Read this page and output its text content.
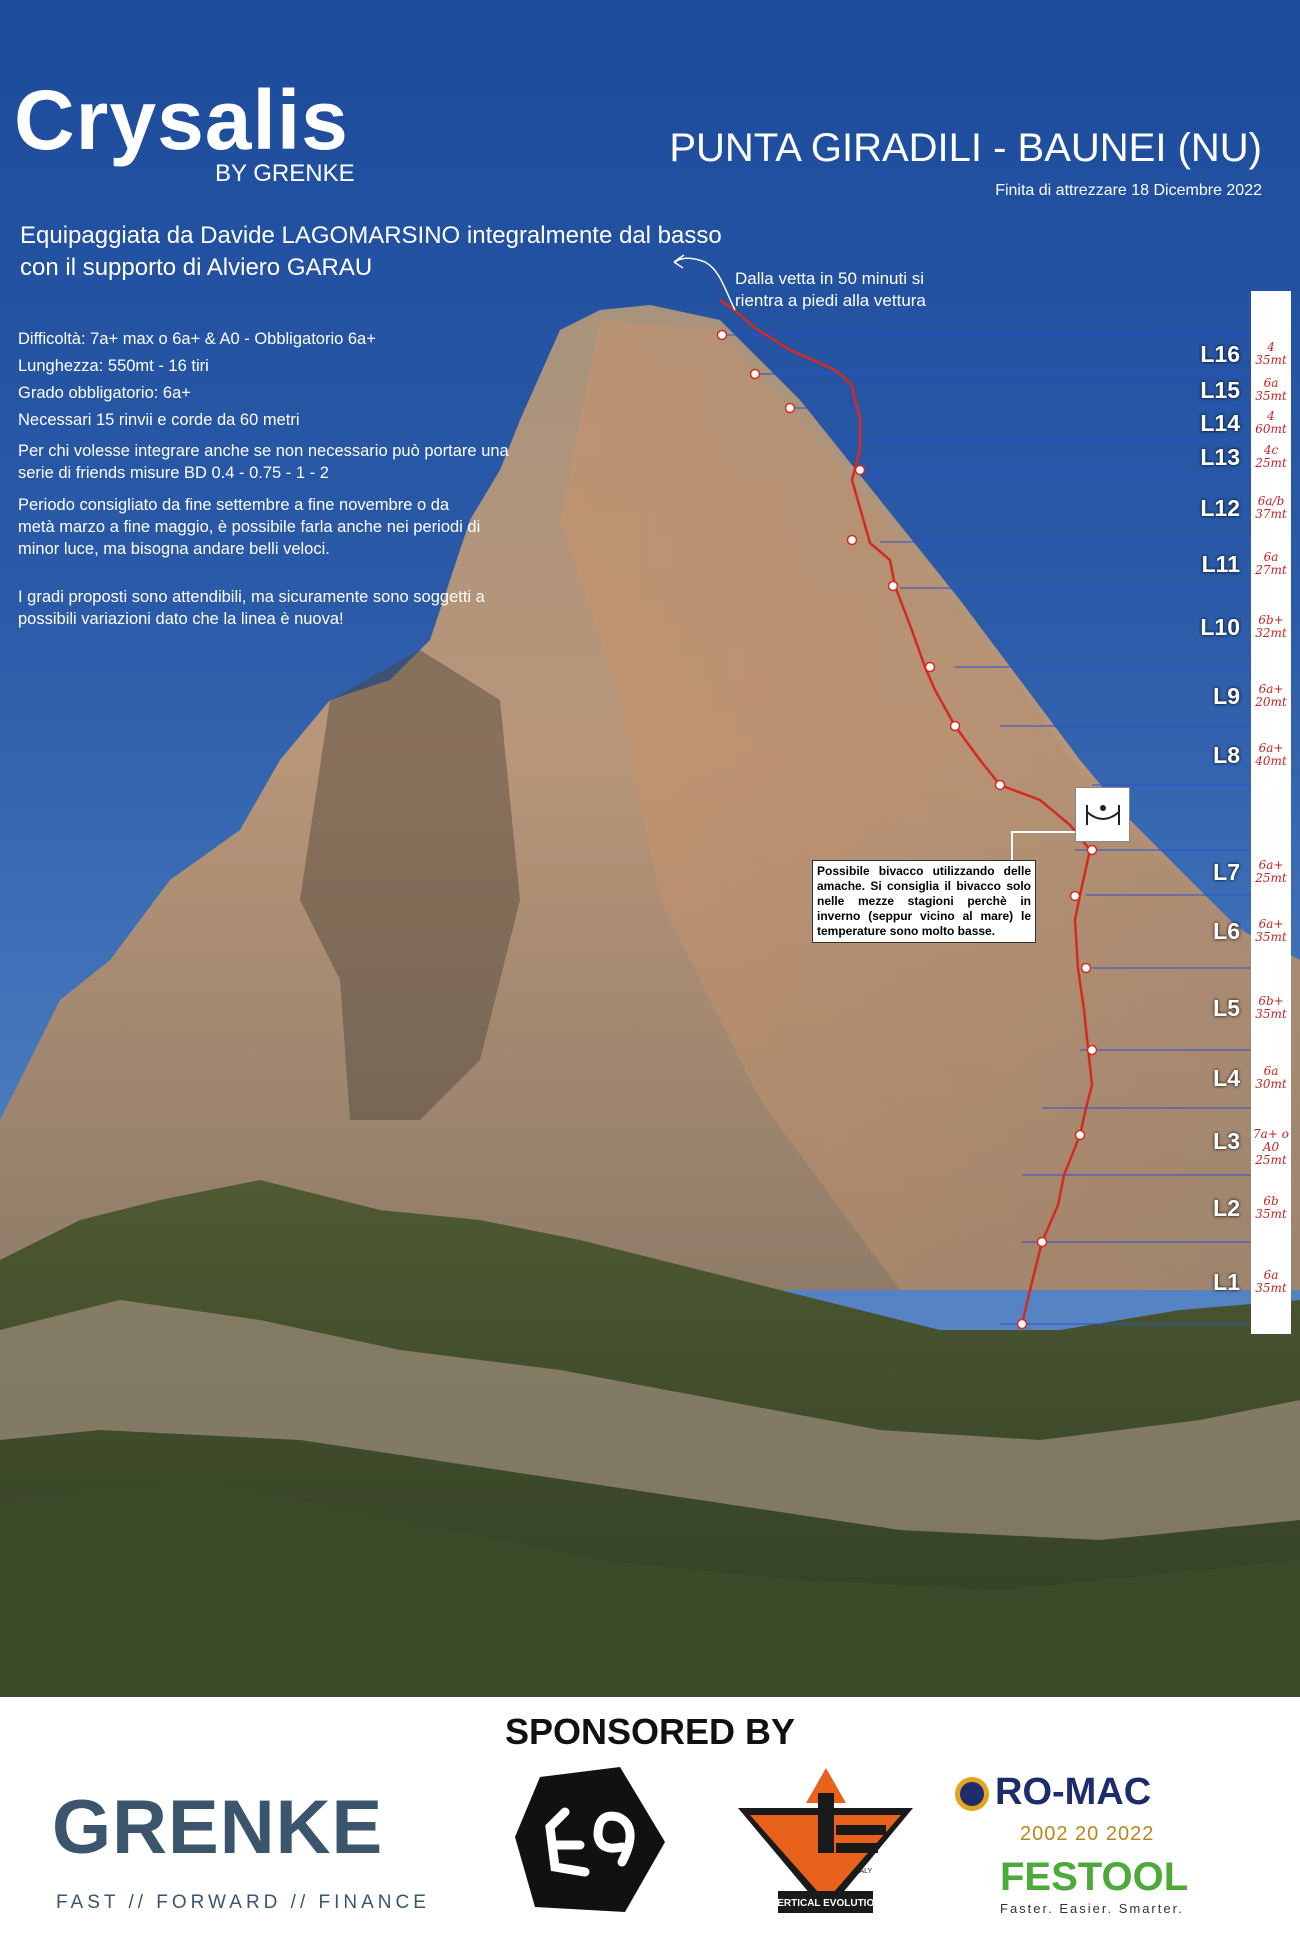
Crysalis
BY GRENKE
PUNTA GIRADILI - BAUNEI (NU)
Finita di attrezzare 18 Dicembre 2022
Equipaggiata da Davide LAGOMARSINO integralmente dal basso
con il supporto di Alviero GARAU	Dalla vetta in 50 minuti si
rientra a piedi alla vettura
Difficoltà: 7a+ max o 6a+ & A0 - Obbligatorio 6a+
Lunghezza: 550mt - 16 tiri
Grado obbligatorio: 6a+
Necessari 15 rinvii e corde da 60 metri
Per chi volesse integrare anche se non necessario può portare una serie di friends misure BD 0.4 - 0.75 - 1 - 2
Periodo consigliato da fine settembre a fine novembre o da metà marzo a fine maggio, è possibile farla anche nei periodi di minor luce, ma bisogna andare belli veloci.
I gradi proposti sono attendibili, ma sicuramente sono soggetti a possibili variazioni dato che la linea è nuova!
Possibile bivacco utilizzando delle amache. Si consiglia il bivacco solo nelle mezze stagioni perchè in inverno (seppur vicino al mare) le temperature sono molto basse.
L16	4
35mt
L15	6a
35mt
L14	4
60mt
L13	4c
25mt
L12	6a/b
37mt
L11	6a
27mt
L10	6b+
32mt
L9	6a+
20mt
L8	6a+
40mt
L7	6a+
25mt
L6	6a+
35mt
L5	6b+
35mt
L4	6a
30mt
L3 7a+ o A0
25mt
L2	6b
35mt
L1	6a
35mt
SPONSORED BY
GRENKE
FAST // FORWARD // FINANCE	VERTICAL EVOLUTION
ITALY
RO-MAC
2002 20 2022
FESTOOL
Faster. Easier. Smarter.
